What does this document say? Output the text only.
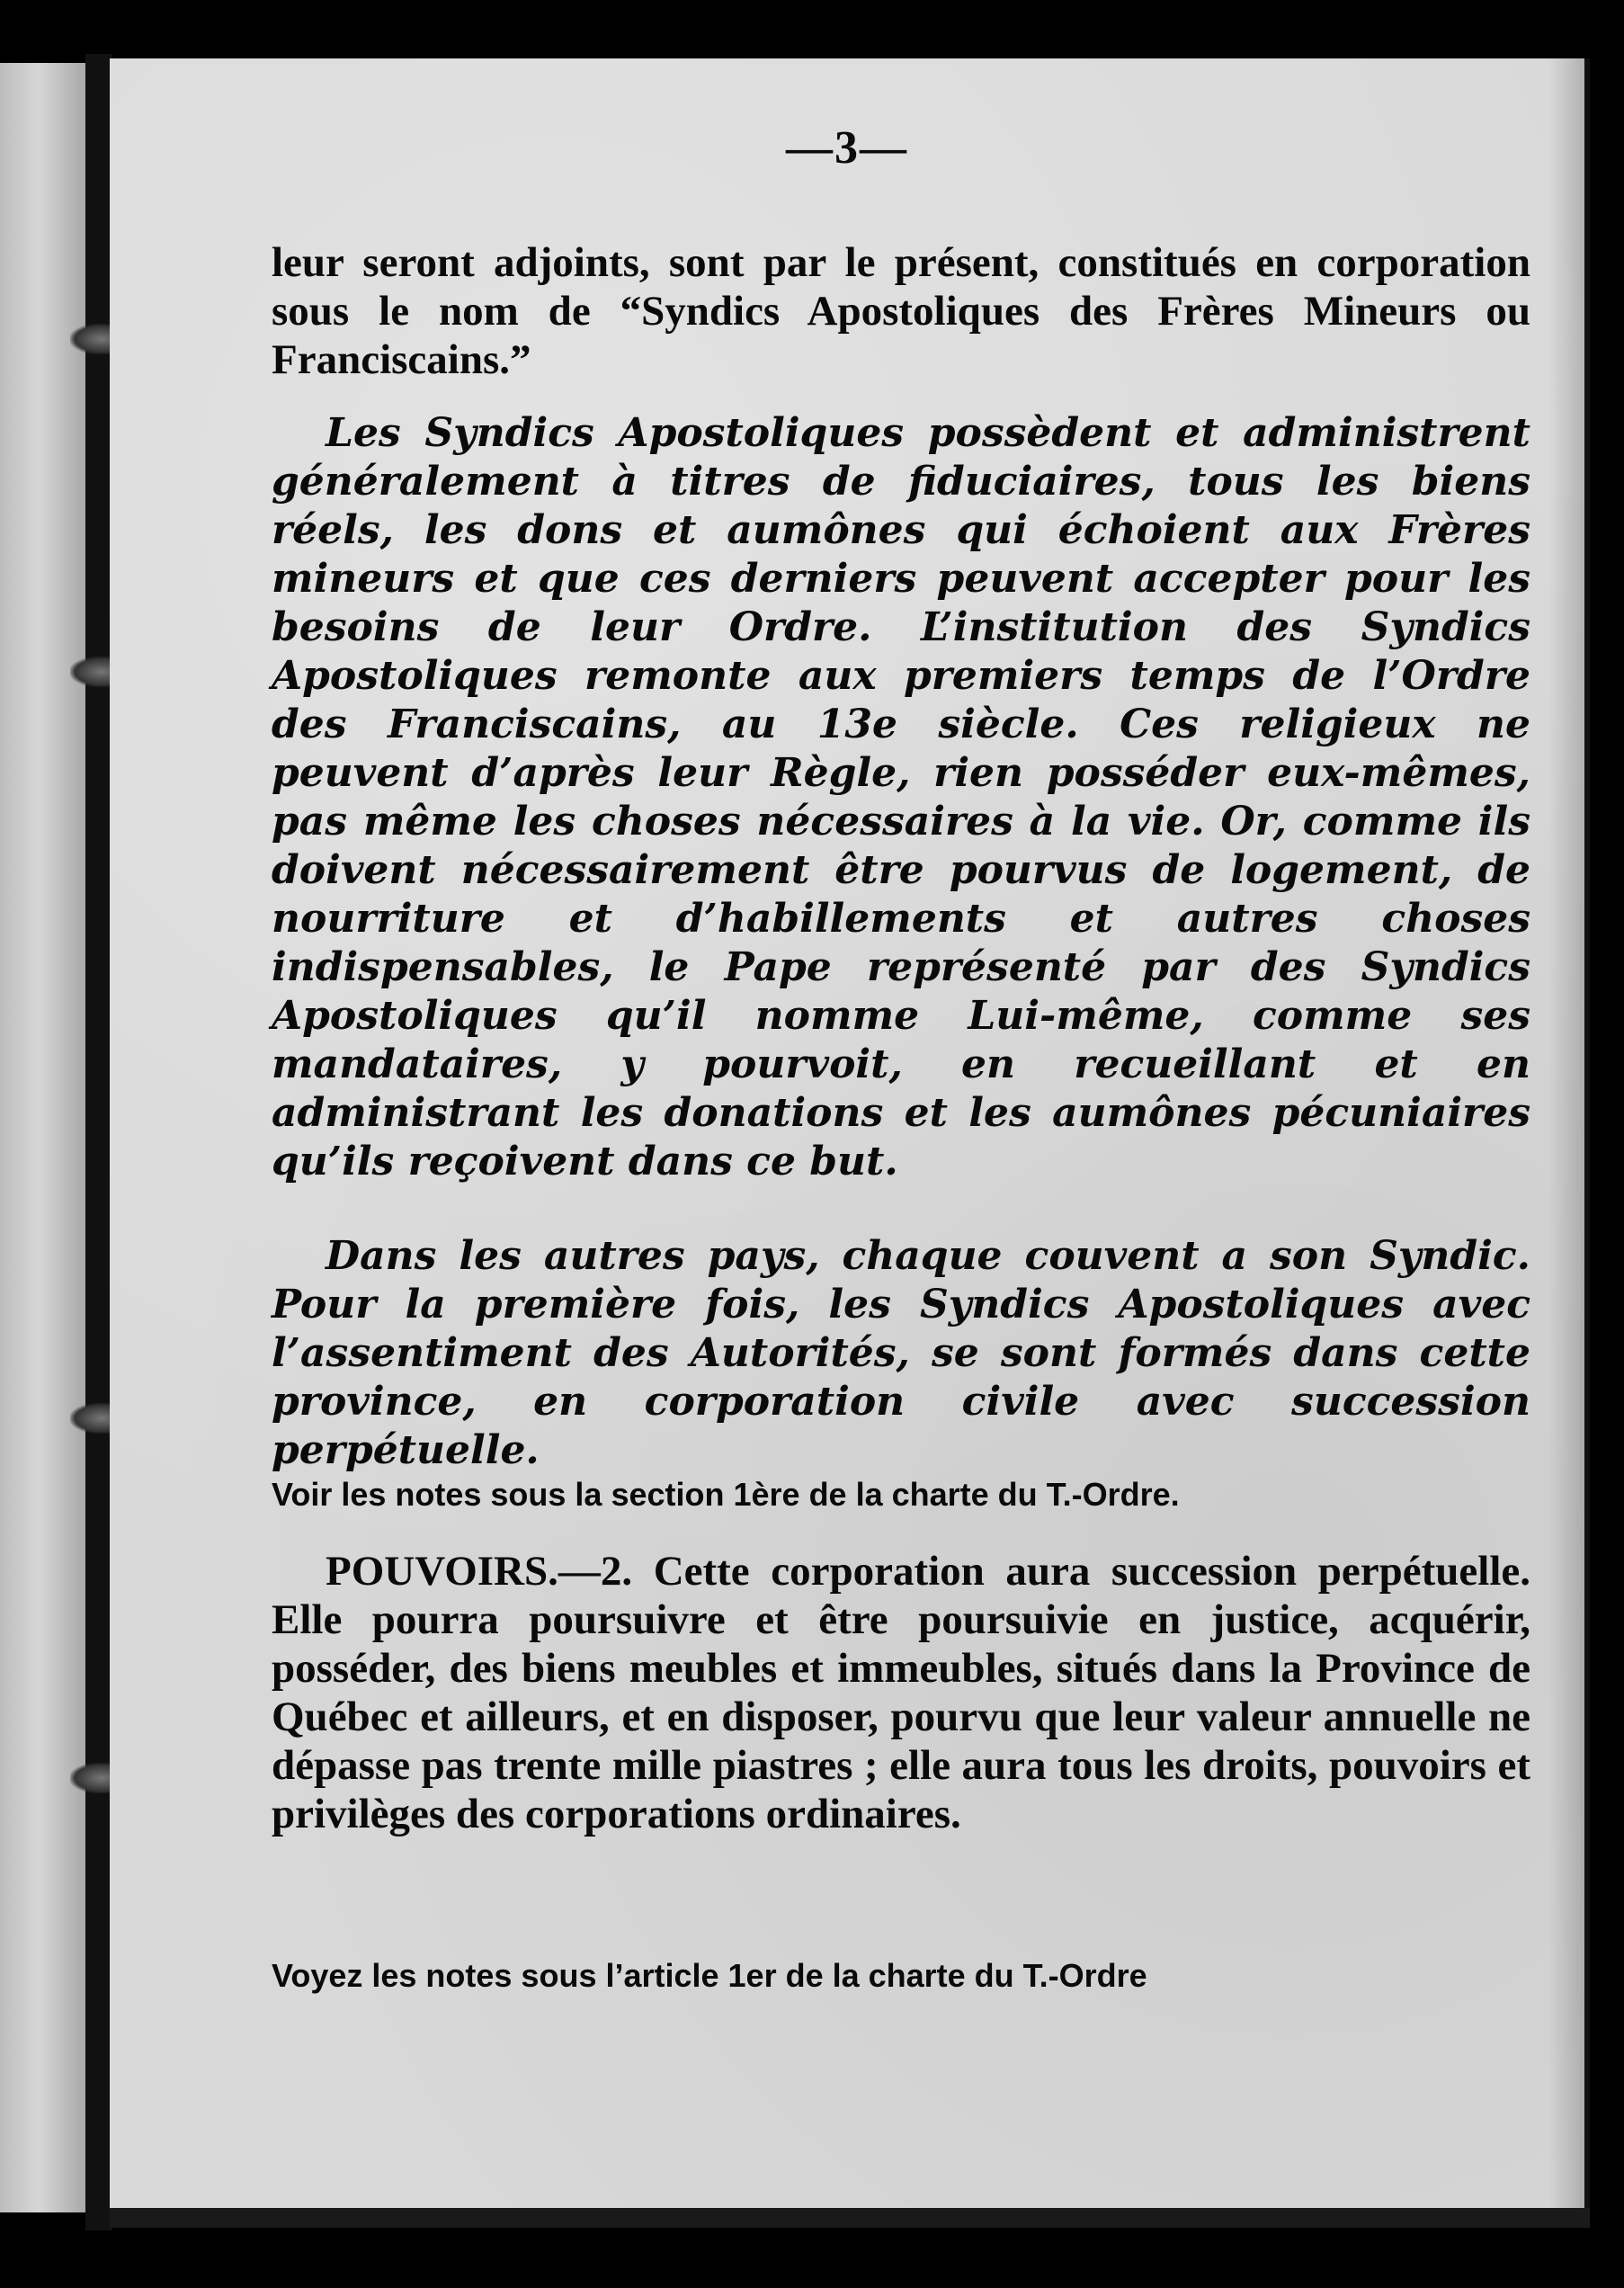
—3—
leur seront adjoints, sont par le présent, constitués en corporation sous le nom de “Syndics Apostoliques des Frères Mineurs ou Franciscains.”
Les Syndics Apostoliques possèdent et administrent généralement à titres de fiduciaires, tous les biens réels, les dons et aumônes qui échoient aux Frères mineurs et que ces derniers peuvent accepter pour les besoins de leur Ordre. L’institution des Syndics Apostoliques remonte aux premiers temps de l’Ordre des Franciscains, au 13e siècle. Ces religieux ne peuvent d’après leur Règle, rien posséder eux-mêmes, pas même les choses nécessaires à la vie. Or, comme ils doivent nécessairement être pourvus de logement, de nourriture et d’habillements et autres choses indispensables, le Pape représenté par des Syndics Apostoliques qu’il nomme Lui-même, comme ses mandataires, y pourvoit, en recueillant et en administrant les donations et les aumônes pécuniaires qu’ils reçoivent dans ce but.
Dans les autres pays, chaque couvent a son Syndic. Pour la première fois, les Syndics Apostoliques avec l’assentiment des Autorités, se sont formés dans cette province, en corporation civile avec succession perpétuelle.
Voir les notes sous la section 1ère de la charte du T.-Ordre.
POUVOIRS.—2. Cette corporation aura succession perpétuelle. Elle pourra poursuivre et être poursuivie en justice, acquérir, posséder, des biens meubles et immeubles, situés dans la Province de Québec et ailleurs, et en disposer, pourvu que leur valeur annuelle ne dépasse pas trente mille piastres ; elle aura tous les droits, pouvoirs et privilèges des corporations ordinaires.
Voyez les notes sous l’article 1er de la charte du T.-Ordre
